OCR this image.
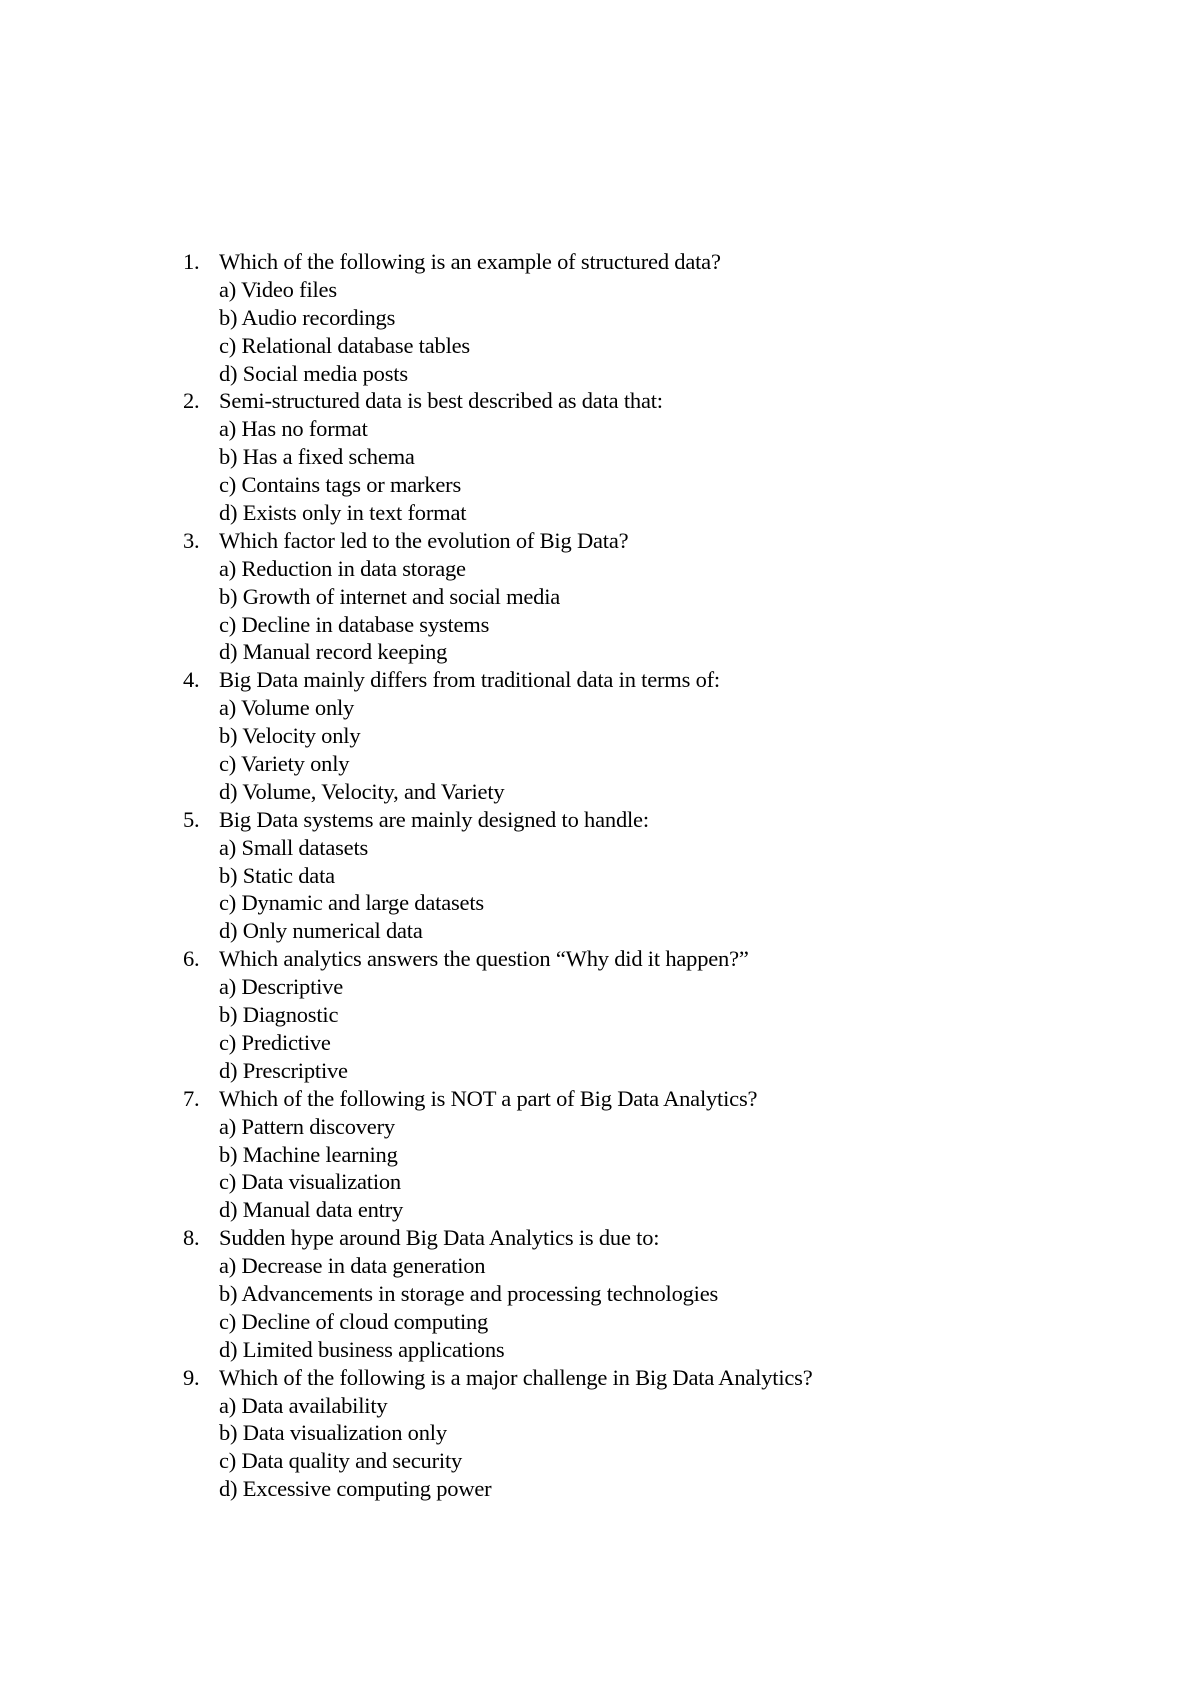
1. Which of the following is an example of structured data?
a) Video files
b) Audio recordings
c) Relational database tables
d) Social media posts
2. Semi-structured data is best described as data that:
a) Has no format
b) Has a fixed schema
c) Contains tags or markers
d) Exists only in text format
3. Which factor led to the evolution of Big Data?
a) Reduction in data storage
b) Growth of internet and social media
c) Decline in database systems
d) Manual record keeping
4. Big Data mainly differs from traditional data in terms of:
a) Volume only
b) Velocity only
c) Variety only
d) Volume, Velocity, and Variety
5. Big Data systems are mainly designed to handle:
a) Small datasets
b) Static data
c) Dynamic and large datasets
d) Only numerical data
6. Which analytics answers the question “Why did it happen?”
a) Descriptive
b) Diagnostic
c) Predictive
d) Prescriptive
7. Which of the following is NOT a part of Big Data Analytics?
a) Pattern discovery
b) Machine learning
c) Data visualization
d) Manual data entry
8. Sudden hype around Big Data Analytics is due to:
a) Decrease in data generation
b) Advancements in storage and processing technologies
c) Decline of cloud computing
d) Limited business applications
9. Which of the following is a major challenge in Big Data Analytics?
a) Data availability
b) Data visualization only
c) Data quality and security
d) Excessive computing power
